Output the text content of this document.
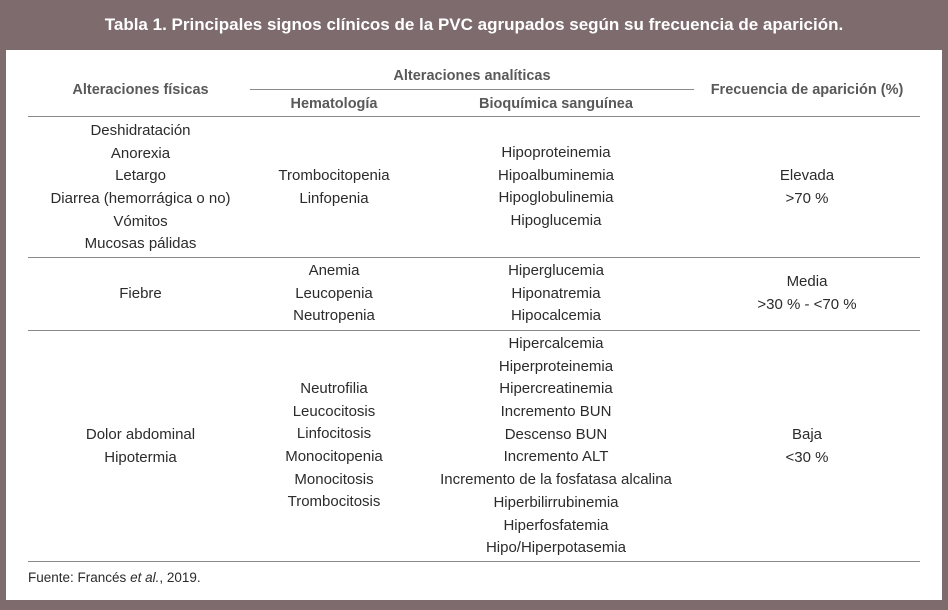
Tabla 1. Principales signos clínicos de la PVC agrupados según su frecuencia de aparición.
Alteraciones físicas
Alteraciones analíticas
Hematología	Bioquímica sanguínea
Frecuencia de aparición (%)
Deshidratación
Anorexia
Letargo
Diarrea (hemorrágica o no)
Vómitos
Mucosas pálidas
Trombocitopenia
Linfopenia
Hipoproteinemia
Hipoalbuminemia
Hipoglobulinemia
Hipoglucemia
Elevada
>70 %
Fiebre
Anemia
Leucopenia
Neutropenia
Hiperglucemia
Hiponatremia
Hipocalcemia
Media
>30 % - <70 %
Dolor abdominal
Hipotermia
Neutrofilia
Leucocitosis
Linfocitosis
Monocitopenia
Monocitosis
Trombocitosis
Hipercalcemia
Hiperproteinemia
Hipercreatinemia
Incremento BUN
Descenso BUN
Incremento ALT
Incremento de la fosfatasa alcalina
Hiperbilirrubinemia
Hiperfosfatemia
Hipo/Hiperpotasemia
Baja
<30 %
Fuente: Francés et al., 2019.
